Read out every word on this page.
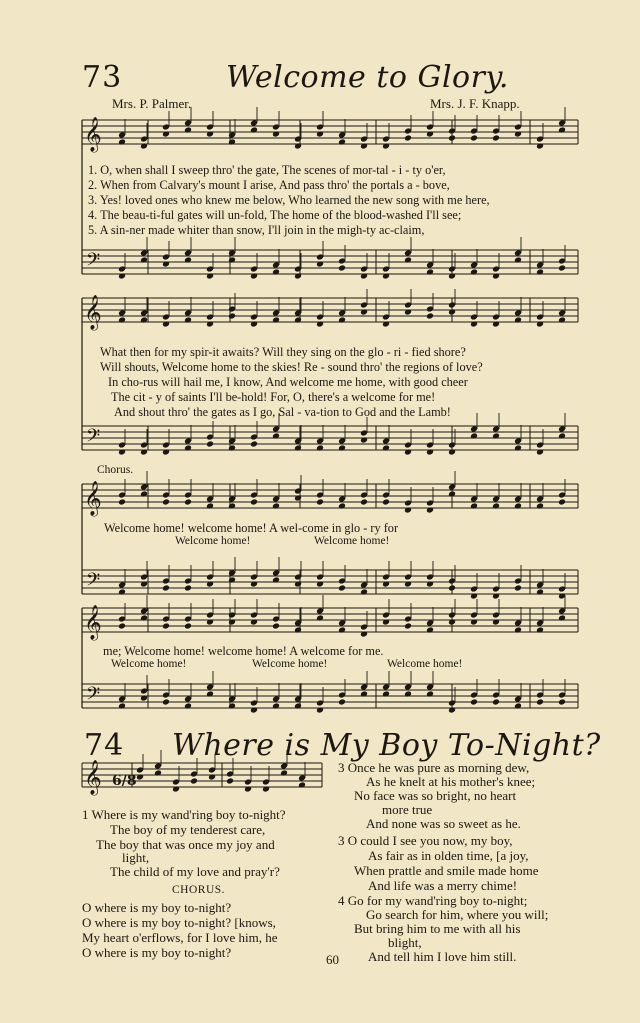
𝄞
𝄢
𝄞
𝄢
𝄞
𝄢
𝄞
𝄢
𝄞 6/8
73	Welcome to Glory.
Mrs. P. Palmer.	Mrs. J. F. Knapp.
1. O, when shall I sweep thro' the gate, The scenes of mor-tal - i - ty o'er,
2. When from Calvary's mount I arise, And pass thro' the portals a - bove,
3. Yes! loved ones who knew me below, Who learned the new song with me here,
4. The beau-ti-ful gates will un-fold, The home of the blood-washed I'll see;
5. A sin-ner made whiter than snow, I'll join in the migh-ty ac-claim,
What then for my spir-it awaits? Will they sing on the glo - ri - fied shore?
Will shouts, Welcome home to the skies! Re - sound thro' the regions of love?
In cho-rus will hail me, I know, And welcome me home, with good cheer
The cit - y of saints I'll be-hold! For, O, there's a welcome for me!
And shout thro' the gates as I go, Sal - va-tion to God and the Lamb!
Chorus.
Welcome home! welcome home! A wel-come in glo - ry for
Welcome home!	Welcome home!
me; Welcome home! welcome home! A welcome for me.
Welcome home!	Welcome home!	Welcome home!
74 Where is My Boy To-Night?
1 Where is my wand'ring boy to-night?
The boy of my tenderest care,
The boy that was once my joy and
light,
The child of my love and pray'r?
CHORUS.
O where is my boy to-night?
O where is my boy to-night? [knows,
My heart o'erflows, for I love him, he
O where is my boy to-night?
3 Once he was pure as morning dew,
As he knelt at his mother's knee;
No face was so bright, no heart
more true
And none was so sweet as he.
3 O could I see you now, my boy,
As fair as in olden time, [a joy,
When prattle and smile made home
And life was a merry chime!
4 Go for my wand'ring boy to-night;
Go search for him, where you will;
But bring him to me with all his
blight,
And tell him I love him still.
60
